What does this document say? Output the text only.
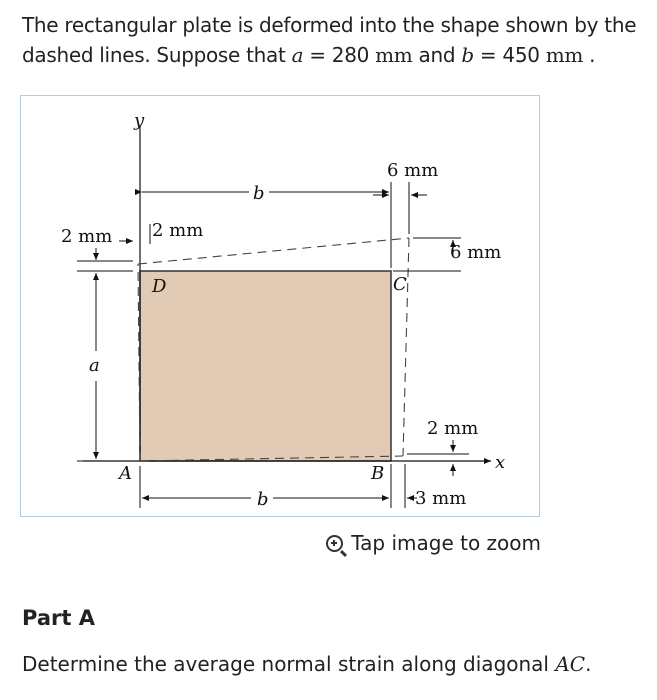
The rectangular plate is deformed into the shape shown by the dashed lines. Suppose that a = 280 mm and b = 450 mm .
b
6 mm
2 mm 2 mm
6 mm
D	C
A	B
a
y
x
2 mm
3 mm
b
Tap image to zoom
Part A
Determine the average normal strain along diagonal AC.
